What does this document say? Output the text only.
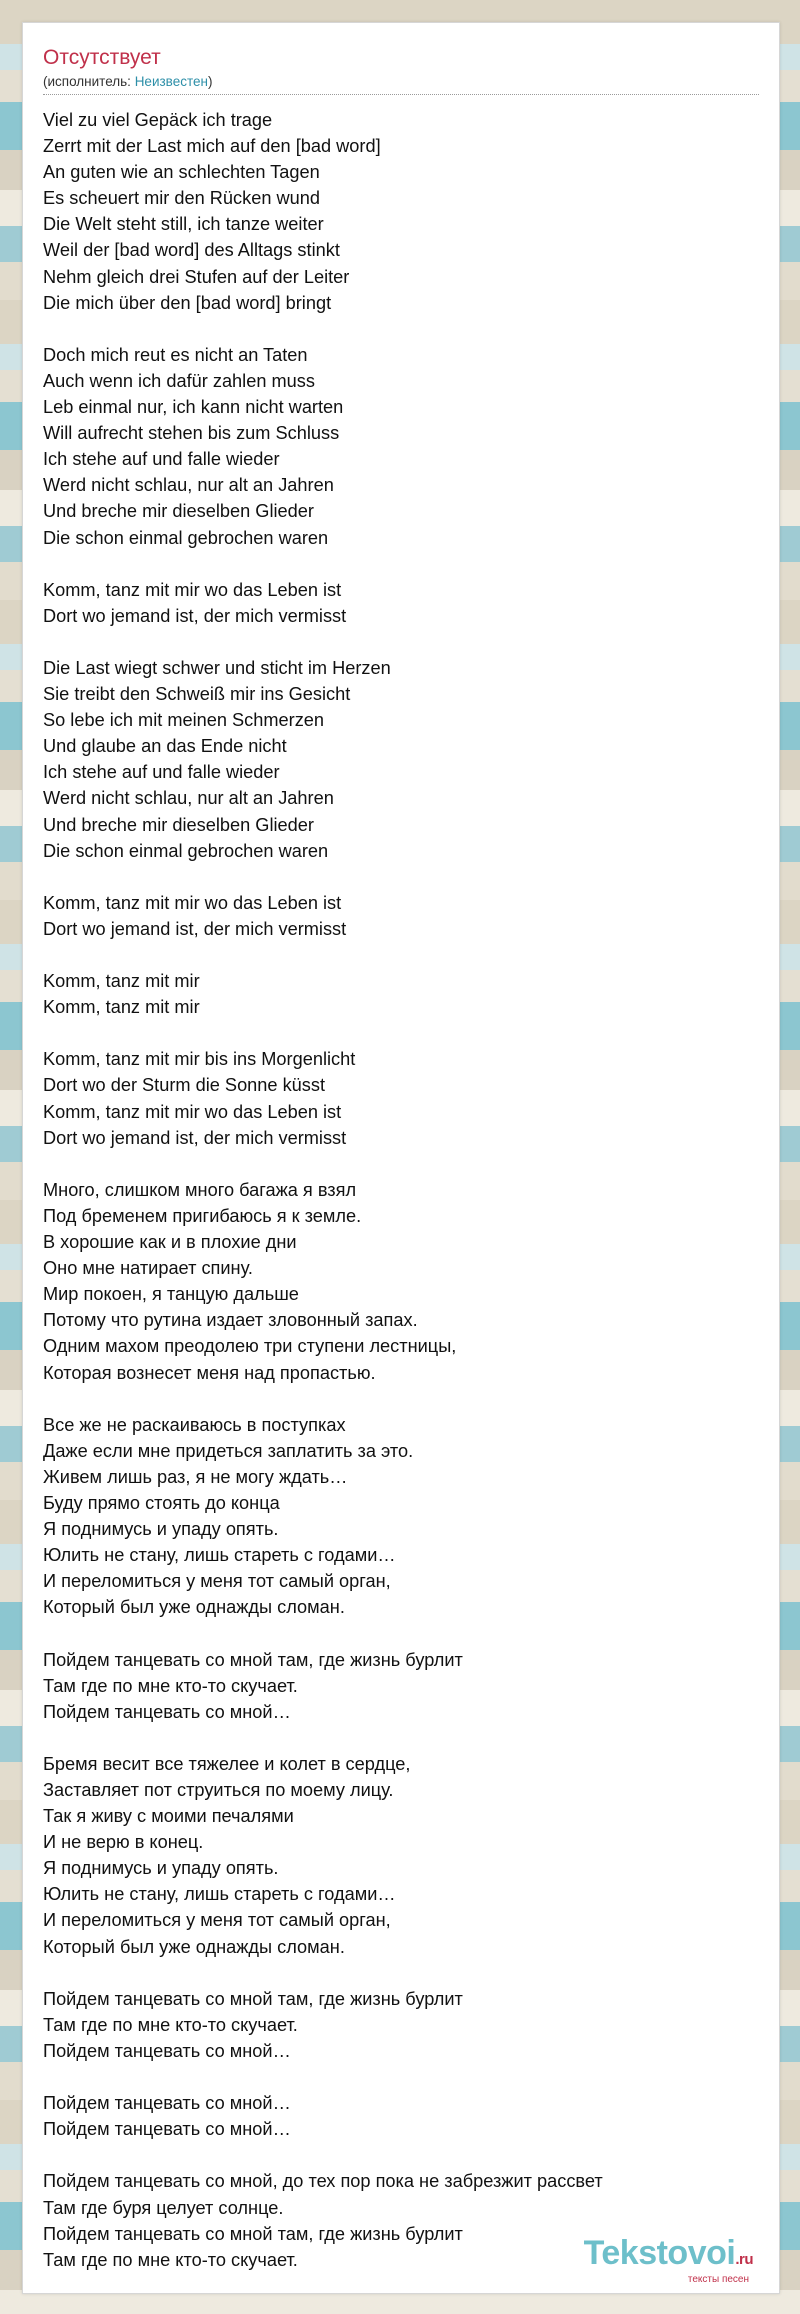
Отсутствует
(исполнитель: Неизвестен)
Viel zu viel Gepäck ich trage
Zerrt mit der Last mich auf den [bad word]
An guten wie an schlechten Tagen
Es scheuert mir den Rücken wund
Die Welt steht still, ich tanze weiter
Weil der [bad word] des Alltags stinkt
Nehm gleich drei Stufen auf der Leiter
Die mich über den [bad word] bringt

Doch mich reut es nicht an Taten
Auch wenn ich dafür zahlen muss
Leb einmal nur, ich kann nicht warten
Will aufrecht stehen bis zum Schluss
Ich stehe auf und falle wieder
Werd nicht schlau, nur alt an Jahren
Und breche mir dieselben Glieder
Die schon einmal gebrochen waren

Komm, tanz mit mir wo das Leben ist
Dort wo jemand ist, der mich vermisst

Die Last wiegt schwer und sticht im Herzen
Sie treibt den Schweiß mir ins Gesicht
So lebe ich mit meinen Schmerzen
Und glaube an das Ende nicht
Ich stehe auf und falle wieder
Werd nicht schlau, nur alt an Jahren
Und breche mir dieselben Glieder
Die schon einmal gebrochen waren

Komm, tanz mit mir wo das Leben ist
Dort wo jemand ist, der mich vermisst

Komm, tanz mit mir
Komm, tanz mit mir

Komm, tanz mit mir bis ins Morgenlicht
Dort wo der Sturm die Sonne küsst
Komm, tanz mit mir wo das Leben ist
Dort wo jemand ist, der mich vermisst

Много, слишком много багажа я взял
Под бременем пригибаюсь я к земле.
В хорошие как и в плохие дни
Оно мне натирает спину.
Мир покоен, я танцую дальше
Потому что рутина издает зловонный запах.
Одним махом преодолею три ступени лестницы,
Которая вознесет меня над пропастью.

Все же не раскаиваюсь в поступках
Даже если мне придеться заплатить за это.
Живем лишь раз, я не могу ждать…
Буду прямо стоять до конца
Я поднимусь и упаду опять.
Юлить не стану, лишь стареть с годами…
И переломиться у меня тот самый орган,
Который был уже однажды сломан.

Пойдем танцевать со мной там, где жизнь бурлит
Там где по мне кто-то скучает.
Пойдем танцевать со мной…

Бремя весит все тяжелее и колет в сердце,
Заставляет пот струиться по моему лицу.
Так я живу с моими печалями
И не верю в конец.
Я поднимусь и упаду опять.
Юлить не стану, лишь стареть с годами…
И переломиться у меня тот самый орган,
Который был уже однажды сломан.

Пойдем танцевать со мной там, где жизнь бурлит
Там где по мне кто-то скучает.
Пойдем танцевать со мной…

Пойдем танцевать со мной…
Пойдем танцевать со мной…

Пойдем танцевать со мной, до тех пор пока не забрезжит рассвет
Там где буря целует солнце.
Пойдем танцевать со мной там, где жизнь бурлит
Там где по мне кто-то скучает.	Tekstovoi.ru
тексты песен
